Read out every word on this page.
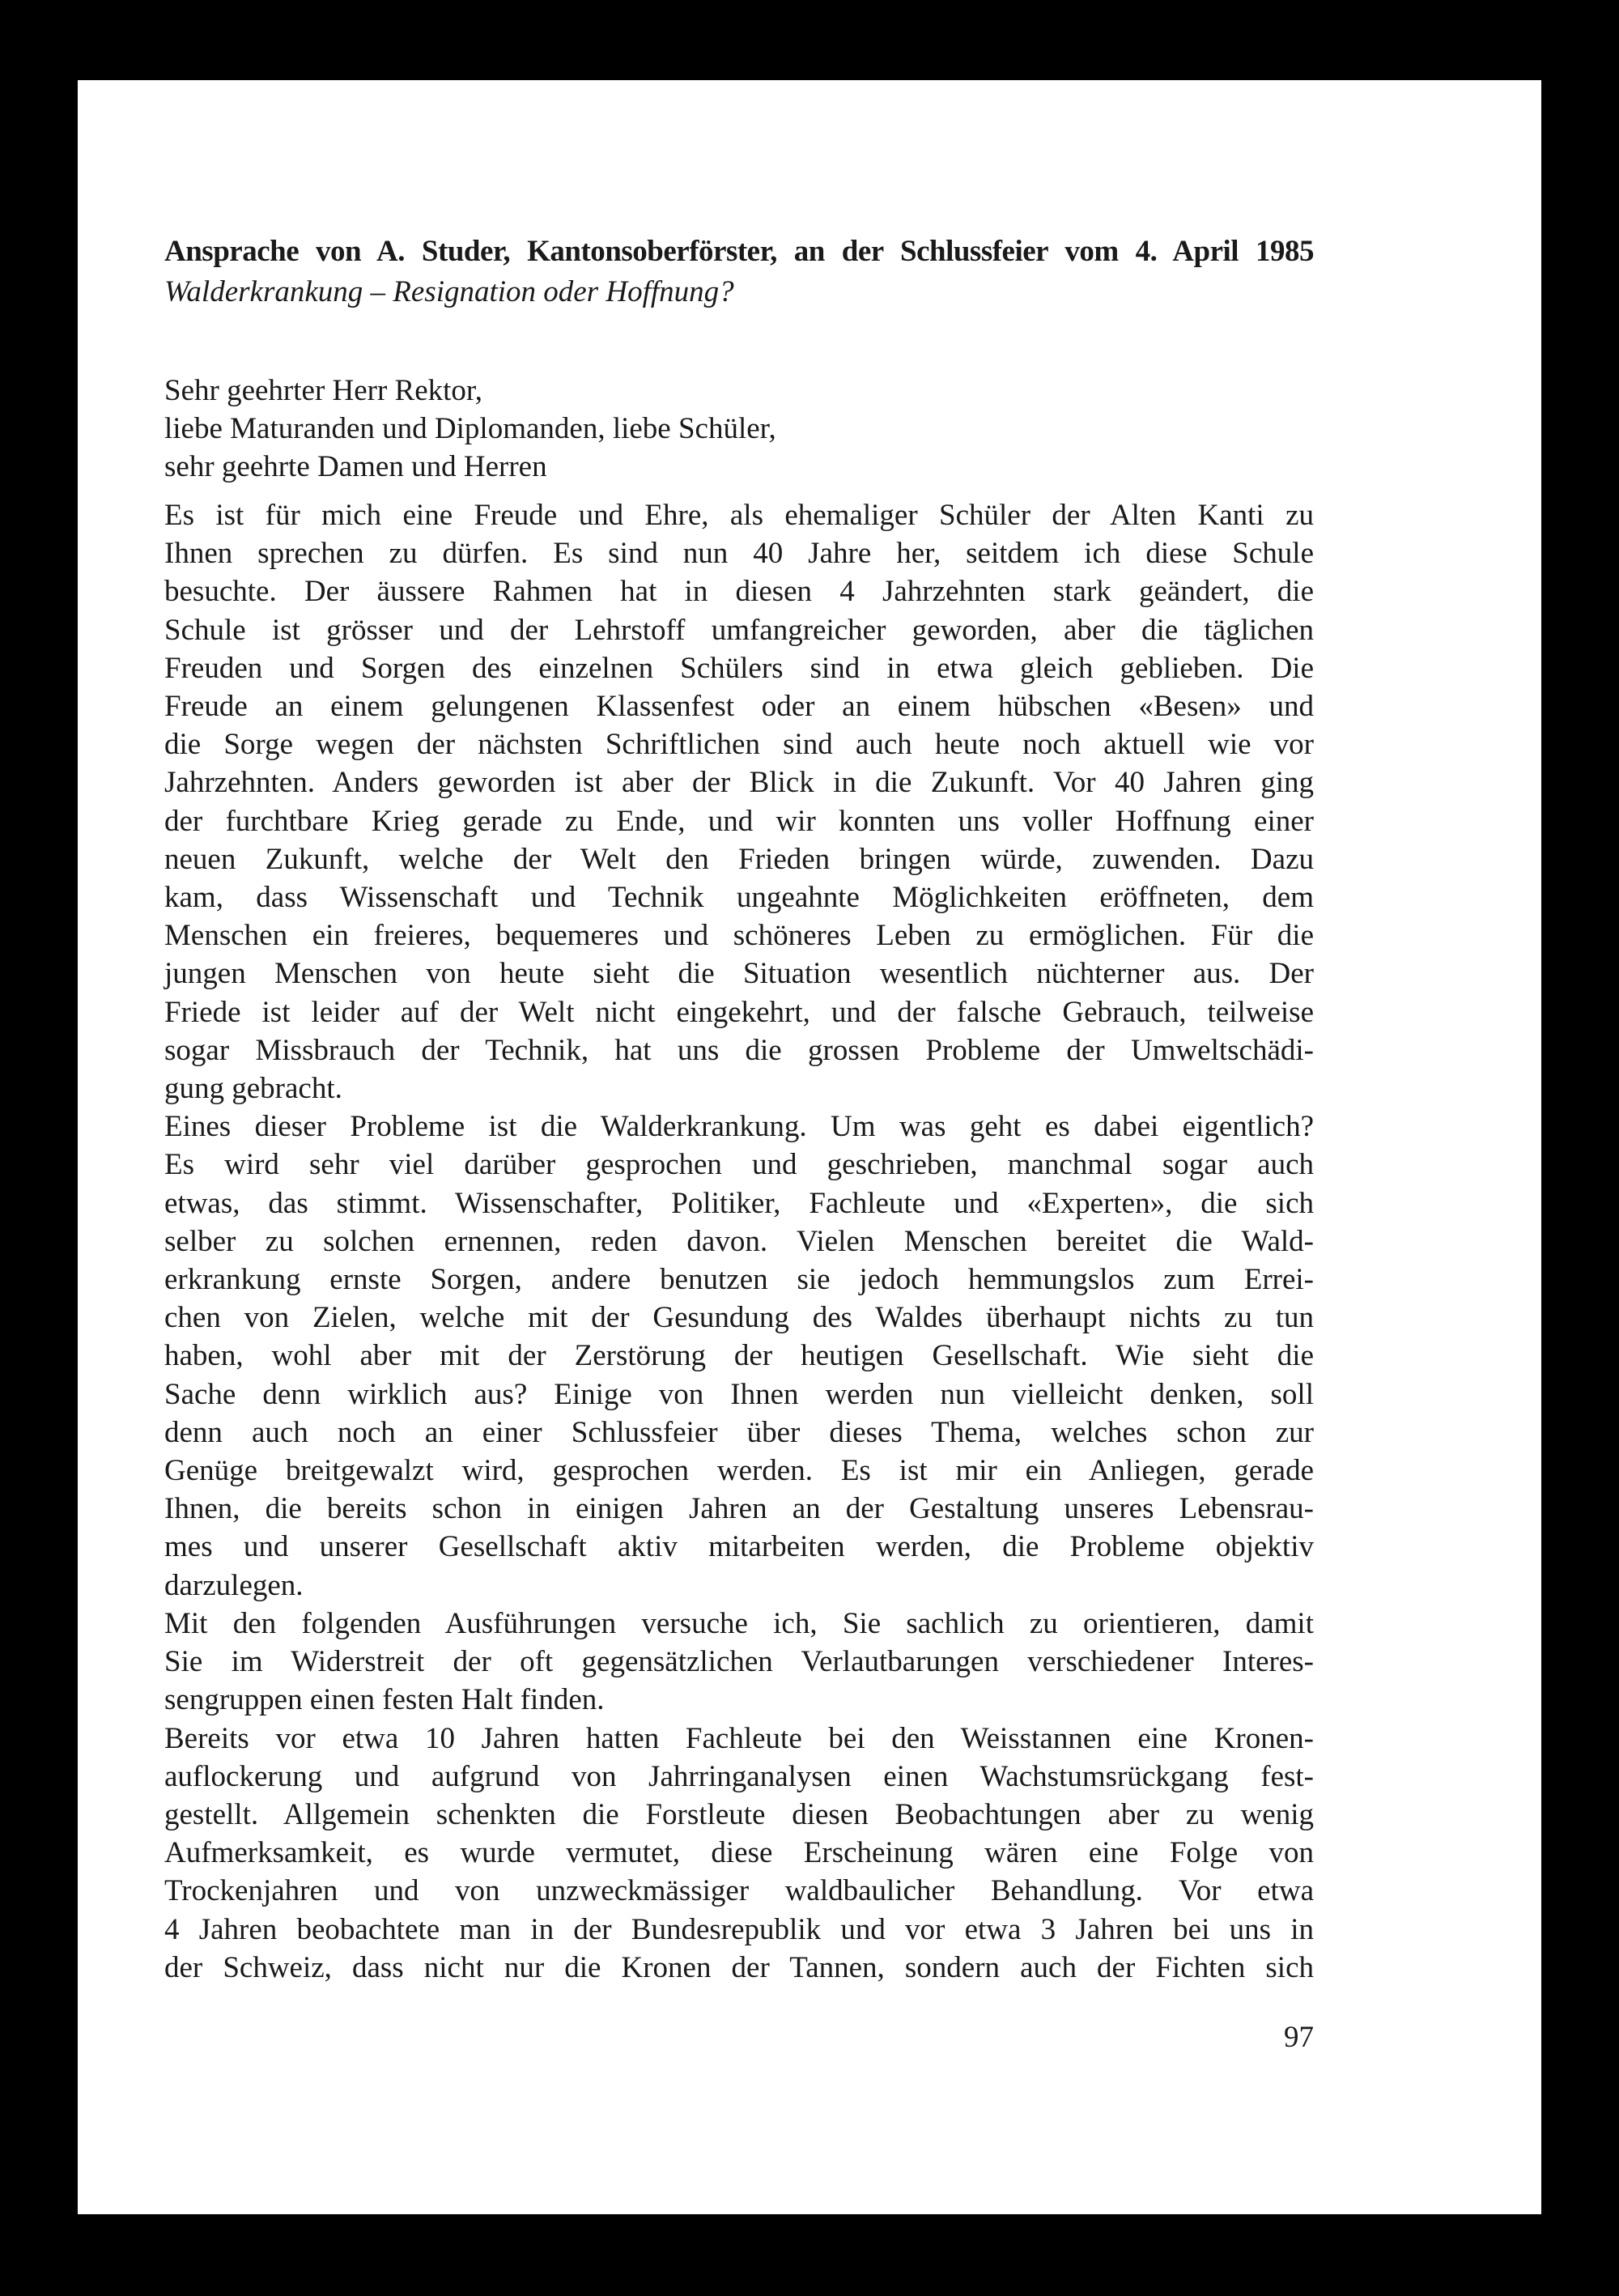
Ansprache von A. Studer, Kantonsoberförster, an der Schlussfeier vom 4. April 1985
Walderkrankung – Resignation oder Hoffnung?
Sehr geehrter Herr Rektor,
liebe Maturanden und Diplomanden, liebe Schüler,
sehr geehrte Damen und Herren
Es ist für mich eine Freude und Ehre, als ehemaliger Schüler der Alten Kanti zu
Ihnen sprechen zu dürfen. Es sind nun 40 Jahre her, seitdem ich diese Schule
besuchte. Der äussere Rahmen hat in diesen 4 Jahrzehnten stark geändert, die
Schule ist grösser und der Lehrstoff umfangreicher geworden, aber die täglichen
Freuden und Sorgen des einzelnen Schülers sind in etwa gleich geblieben. Die
Freude an einem gelungenen Klassenfest oder an einem hübschen «Besen» und
die Sorge wegen der nächsten Schriftlichen sind auch heute noch aktuell wie vor
Jahrzehnten. Anders geworden ist aber der Blick in die Zukunft. Vor 40 Jahren ging
der furchtbare Krieg gerade zu Ende, und wir konnten uns voller Hoffnung einer
neuen Zukunft, welche der Welt den Frieden bringen würde, zuwenden. Dazu
kam, dass Wissenschaft und Technik ungeahnte Möglichkeiten eröffneten, dem
Menschen ein freieres, bequemeres und schöneres Leben zu ermöglichen. Für die
jungen Menschen von heute sieht die Situation wesentlich nüchterner aus. Der
Friede ist leider auf der Welt nicht eingekehrt, und der falsche Gebrauch, teilweise
sogar Missbrauch der Technik, hat uns die grossen Probleme der Umweltschädi-
gung gebracht.
Eines dieser Probleme ist die Walderkrankung. Um was geht es dabei eigentlich?
Es wird sehr viel darüber gesprochen und geschrieben, manchmal sogar auch
etwas, das stimmt. Wissenschafter, Politiker, Fachleute und «Experten», die sich
selber zu solchen ernennen, reden davon. Vielen Menschen bereitet die Wald-
erkrankung ernste Sorgen, andere benutzen sie jedoch hemmungslos zum Errei-
chen von Zielen, welche mit der Gesundung des Waldes überhaupt nichts zu tun
haben, wohl aber mit der Zerstörung der heutigen Gesellschaft. Wie sieht die
Sache denn wirklich aus? Einige von Ihnen werden nun vielleicht denken, soll
denn auch noch an einer Schlussfeier über dieses Thema, welches schon zur
Genüge breitgewalzt wird, gesprochen werden. Es ist mir ein Anliegen, gerade
Ihnen, die bereits schon in einigen Jahren an der Gestaltung unseres Lebensrau-
mes und unserer Gesellschaft aktiv mitarbeiten werden, die Probleme objektiv
darzulegen.
Mit den folgenden Ausführungen versuche ich, Sie sachlich zu orientieren, damit
Sie im Widerstreit der oft gegensätzlichen Verlautbarungen verschiedener Interes-
sengruppen einen festen Halt finden.
Bereits vor etwa 10 Jahren hatten Fachleute bei den Weisstannen eine Kronen-
auflockerung und aufgrund von Jahrringanalysen einen Wachstumsrückgang fest-
gestellt. Allgemein schenkten die Forstleute diesen Beobachtungen aber zu wenig
Aufmerksamkeit, es wurde vermutet, diese Erscheinung wären eine Folge von
Trockenjahren und von unzweckmässiger waldbaulicher Behandlung. Vor etwa
4 Jahren beobachtete man in der Bundesrepublik und vor etwa 3 Jahren bei uns in
der Schweiz, dass nicht nur die Kronen der Tannen, sondern auch der Fichten sich
97
